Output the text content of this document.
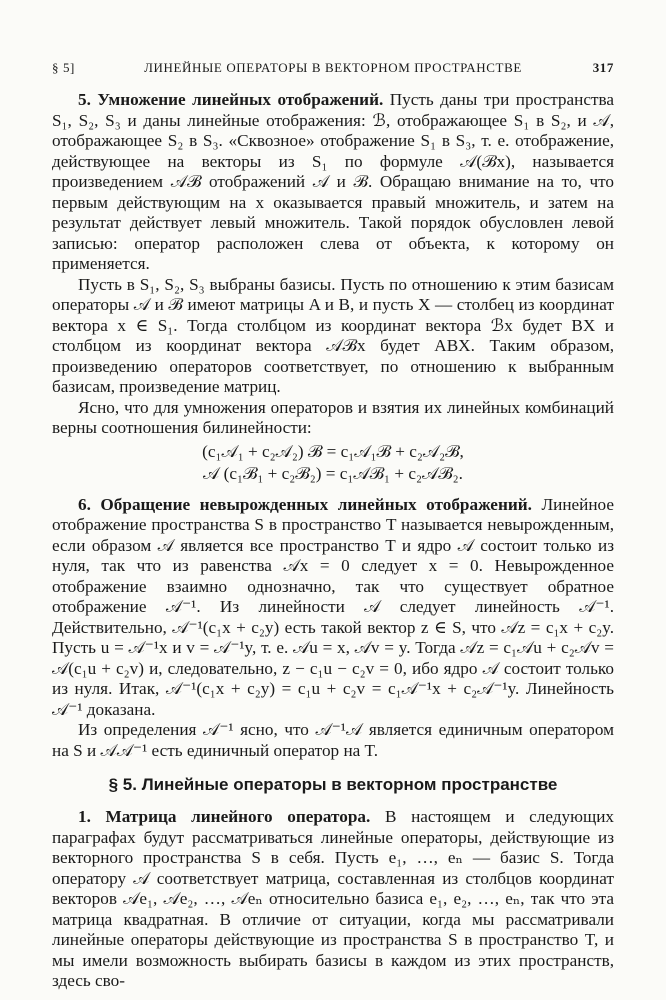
§ 5]	ЛИНЕЙНЫЕ ОПЕРАТОРЫ В ВЕКТОРНОМ ПРОСТРАНСТВЕ	317

5. Умножение линейных отображений. Пусть даны три пространства S₁, S₂, S₃ и даны линейные отображения: ℬ, отображающее S₁ в S₂, и 𝒜, отображающее S₂ в S₃. «Сквозное» отображение S₁ в S₃, т. е. отображение, действующее на векторы из S₁ по формуле 𝒜(ℬx), называется произведением 𝒜ℬ отображений 𝒜 и ℬ. Обращаю внимание на то, что первым действующим на x оказывается правый множитель, и затем на результат действует левый множитель. Такой порядок обусловлен левой записью: оператор расположен слева от объекта, к которому он применяется.

Пусть в S₁, S₂, S₃ выбраны базисы. Пусть по отношению к этим базисам операторы 𝒜 и ℬ имеют матрицы A и B, и пусть X — столбец из координат вектора x ∈ S₁. Тогда столбцом из координат вектора ℬx будет BX и столбцом из координат вектора 𝒜ℬx будет ABX. Таким образом, произведению операторов соответствует, по отношению к выбранным базисам, произведение матриц.

Ясно, что для умножения операторов и взятия их линейных комбинаций верны соотношения билинейности:

(c₁𝒜₁ + c₂𝒜₂) ℬ = c₁𝒜₁ℬ + c₂𝒜₂ℬ,
𝒜 (c₁ℬ₁ + c₂ℬ₂) = c₁𝒜ℬ₁ + c₂𝒜ℬ₂.

6. Обращение невырожденных линейных отображений. Линейное отображение пространства S в пространство T называется невырожденным, если образом 𝒜 является все пространство T и ядро 𝒜 состоит только из нуля, так что из равенства 𝒜x = 0 следует x = 0. Невырожденное отображение взаимно однозначно, так что существует обратное отображение 𝒜⁻¹. Из линейности 𝒜 следует линейность 𝒜⁻¹. Действительно, 𝒜⁻¹(c₁x + c₂y) есть такой вектор z ∈ S, что 𝒜z = c₁x + c₂y. Пусть u = 𝒜⁻¹x и v = 𝒜⁻¹y, т. е. 𝒜u = x, 𝒜v = y. Тогда 𝒜z = c₁𝒜u + c₂𝒜v = 𝒜(c₁u + c₂v) и, следовательно, z − c₁u − c₂v = 0, ибо ядро 𝒜 состоит только из нуля. Итак, 𝒜⁻¹(c₁x + c₂y) = c₁u + c₂v = c₁𝒜⁻¹x + c₂𝒜⁻¹y. Линейность 𝒜⁻¹ доказана.

Из определения 𝒜⁻¹ ясно, что 𝒜⁻¹𝒜 является единичным оператором на S и 𝒜𝒜⁻¹ есть единичный оператор на T.

§ 5. Линейные операторы в векторном пространстве

1. Матрица линейного оператора. В настоящем и следующих параграфах будут рассматриваться линейные операторы, действующие из векторного пространства S в себя. Пусть e₁, …, eₙ — базис S. Тогда оператору 𝒜 соответствует матрица, составленная из столбцов координат векторов 𝒜e₁, 𝒜e₂, …, 𝒜eₙ относительно базиса e₁, e₂, …, eₙ, так что эта матрица квадратная. В отличие от ситуации, когда мы рассматривали линейные операторы действующие из пространства S в пространство T, и мы имели возможность выбирать базисы в каждом из этих пространств, здесь сво-
